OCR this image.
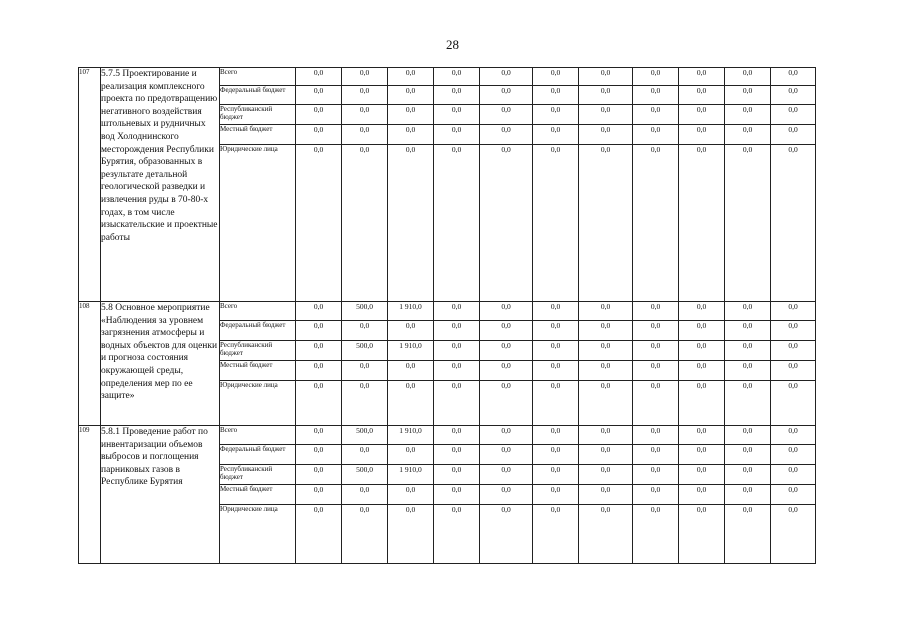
28
107	5.7.5 Проектирование и реализация комплексного проекта по предотвращению негативного воздействия штольневых и рудничных вод Холоднинского месторождения Республики Бурятия, образованных в результате детальной геологической разведки и извлечения руды в 70-80-х годах, в том числе изыскательские и проектные работы	Всего	0,0	0,0	0,0	0,0	0,0	0,0	0,0	0,0	0,0	0,0	0,0
		Федеральный бюджет	0,0	0,0	0,0	0,0	0,0	0,0	0,0	0,0	0,0	0,0	0,0
		Республиканский бюджет	0,0	0,0	0,0	0,0	0,0	0,0	0,0	0,0	0,0	0,0	0,0
		Местный бюджет	0,0	0,0	0,0	0,0	0,0	0,0	0,0	0,0	0,0	0,0	0,0
		Юридические лица	0,0	0,0	0,0	0,0	0,0	0,0	0,0	0,0	0,0	0,0	0,0
108	5.8 Основное мероприятие «Наблюдения за уровнем загрязнения атмосферы и водных объектов для оценки и прогноза состояния окружающей среды, определения мер по ее защите»	Всего	0,0	500,0	1 910,0	0,0	0,0	0,0	0,0	0,0	0,0	0,0	0,0
		Федеральный бюджет	0,0	0,0	0,0	0,0	0,0	0,0	0,0	0,0	0,0	0,0	0,0
		Республиканский бюджет	0,0	500,0	1 910,0	0,0	0,0	0,0	0,0	0,0	0,0	0,0	0,0
		Местный бюджет	0,0	0,0	0,0	0,0	0,0	0,0	0,0	0,0	0,0	0,0	0,0
		Юридические лица	0,0	0,0	0,0	0,0	0,0	0,0	0,0	0,0	0,0	0,0	0,0
109	5.8.1 Проведение работ по инвентаризации объемов выбросов и поглощения парниковых газов в Республике Бурятия	Всего	0,0	500,0	1 910,0	0,0	0,0	0,0	0,0	0,0	0,0	0,0	0,0
		Федеральный бюджет	0,0	0,0	0,0	0,0	0,0	0,0	0,0	0,0	0,0	0,0	0,0
		Республиканский бюджет	0,0	500,0	1 910,0	0,0	0,0	0,0	0,0	0,0	0,0	0,0	0,0
		Местный бюджет	0,0	0,0	0,0	0,0	0,0	0,0	0,0	0,0	0,0	0,0	0,0
		Юридические лица	0,0	0,0	0,0	0,0	0,0	0,0	0,0	0,0	0,0	0,0	0,0
